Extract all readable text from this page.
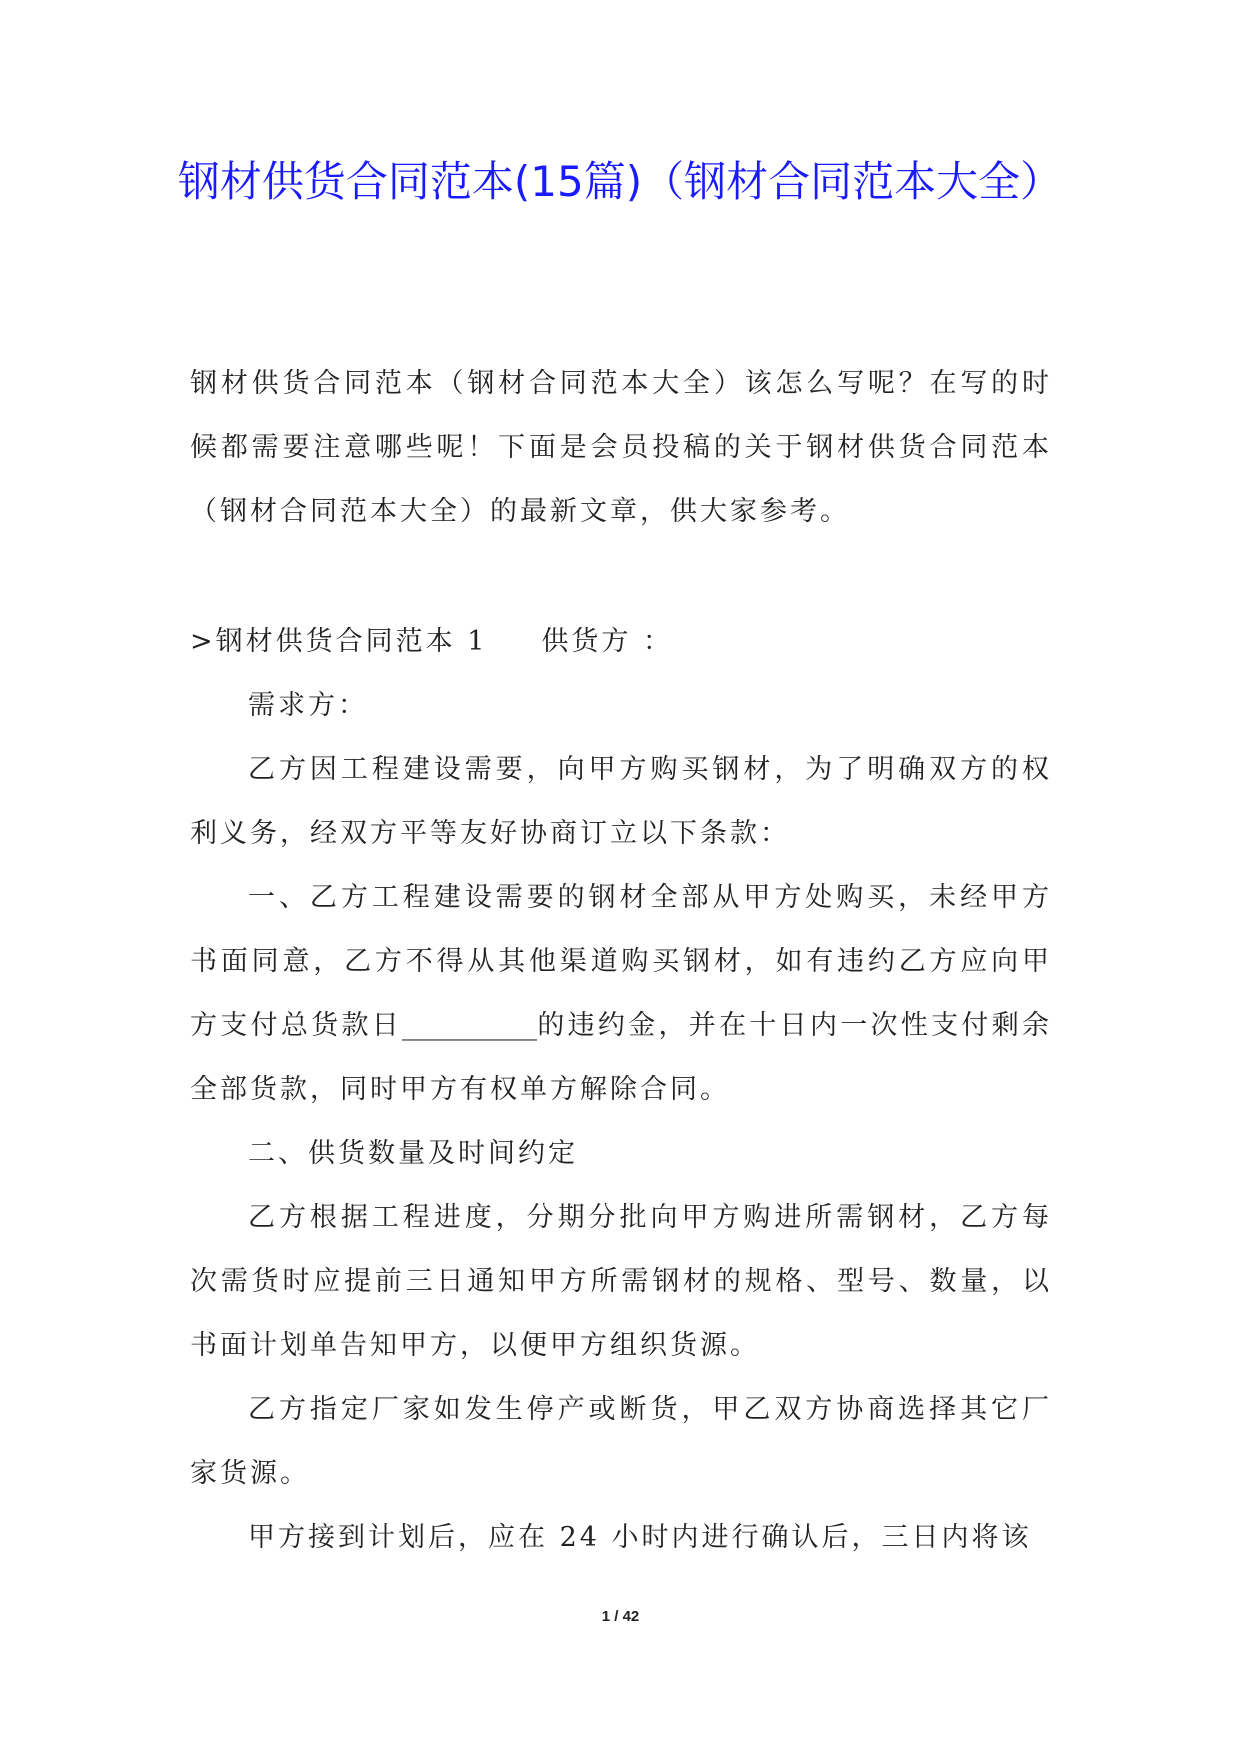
钢材供货合同范本(15篇)（钢材合同范本大全）

钢材供货合同范本（钢材合同范本大全）该怎么写呢？在写的时候都需要注意哪些呢！下面是会员投稿的关于钢材供货合同范本（钢材合同范本大全）的最新文章，供大家参考。

>钢材供货合同范本 1 供货方 ：

需求方：

乙方因工程建设需要，向甲方购买钢材，为了明确双方的权利义务，经双方平等友好协商订立以下条款：

一、乙方工程建设需要的钢材全部从甲方处购买，未经甲方书面同意，乙方不得从其他渠道购买钢材，如有违约乙方应向甲方支付总货款日__________的违约金，并在十日内一次性支付剩余全部货款，同时甲方有权单方解除合同。

二、供货数量及时间约定

乙方根据工程进度，分期分批向甲方购进所需钢材，乙方每次需货时应提前三日通知甲方所需钢材的规格、型号、数量，以书面计划单告知甲方，以便甲方组织货源。

乙方指定厂家如发生停产或断货，甲乙双方协商选择其它厂家货源。

甲方接到计划后，应在 24 小时内进行确认后，三日内将该

1 / 42
